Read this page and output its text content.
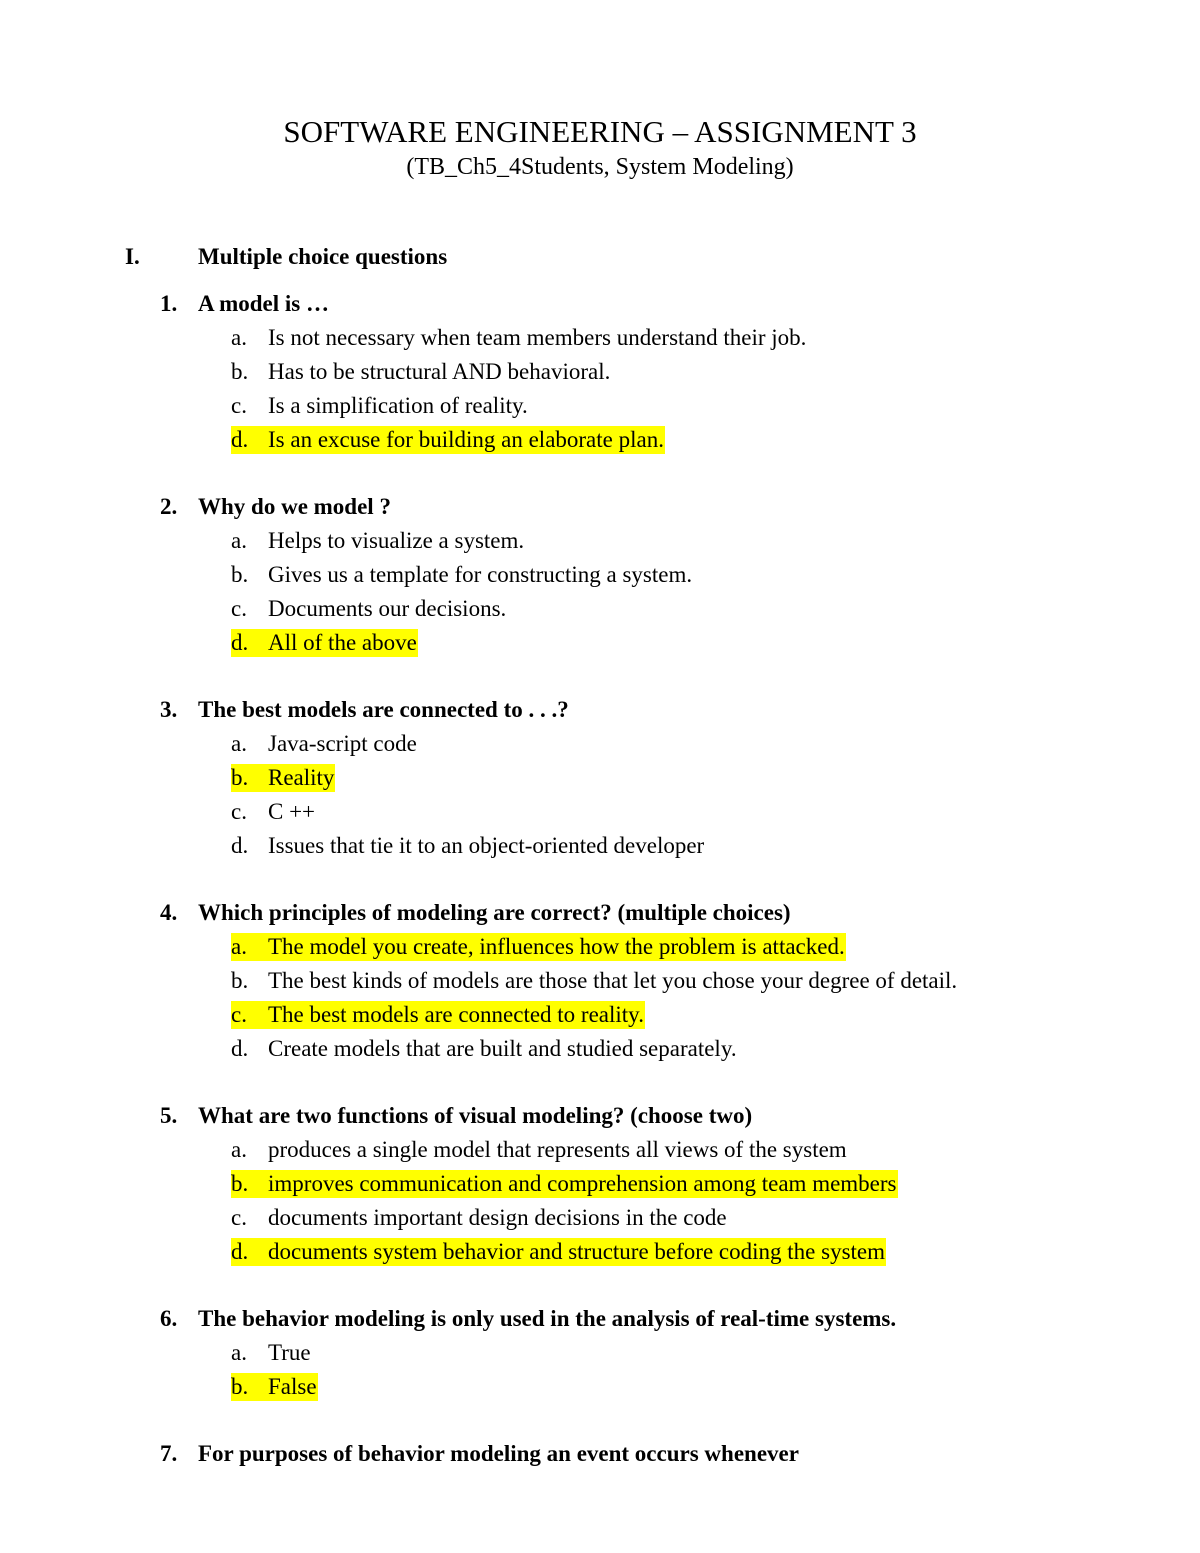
SOFTWARE ENGINEERING – ASSIGNMENT 3
(TB_Ch5_4Students, System Modeling)
I.	Multiple choice questions
1. A model is …
a. Is not necessary when team members understand their job.
b. Has to be structural AND behavioral.
c. Is a simplification of reality.
d. Is an excuse for building an elaborate plan.
2. Why do we model ?
a. Helps to visualize a system.
b. Gives us a template for constructing a system.
c. Documents our decisions.
d. All of the above
3. The best models are connected to . . .?
a. Java-script code
b. Reality
c. C ++
d. Issues that tie it to an object-oriented developer
4. Which principles of modeling are correct? (multiple choices)
a. The model you create, influences how the problem is attacked.
b. The best kinds of models are those that let you chose your degree of detail.
c. The best models are connected to reality.
d. Create models that are built and studied separately.
5. What are two functions of visual modeling? (choose two)
a. produces a single model that represents all views of the system
b. improves communication and comprehension among team members
c. documents important design decisions in the code
d. documents system behavior and structure before coding the system
6. The behavior modeling is only used in the analysis of real-time systems.
a. True
b. False
7. For purposes of behavior modeling an event occurs whenever
